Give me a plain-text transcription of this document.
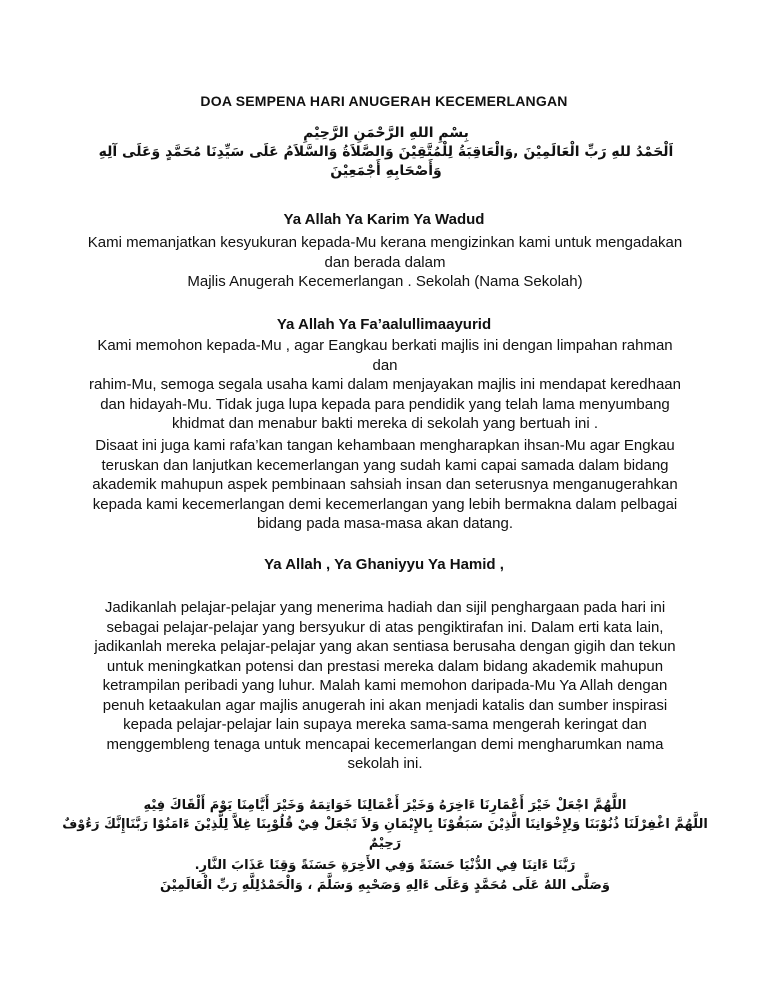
DOA SEMPENA HARI ANUGERAH KECEMERLANGAN
بِسْمِ اللهِ الرَّحْمَنِ الرَّحِيْمِ
اَلْحَمْدُ للهِ رَبِّ الْعَالَمِيْنَ ,وَالْعَاقِبَةُ لِلْمُتَّقِيْنَ وَالصَّلاَةُ وَالسَّلاَمُ عَلَى سَيِّدِنَا مُحَمَّدٍ وَعَلَى آلِهِ
وَأَصْحَابِهِ أَجْمَعِيْنَ
Ya Allah Ya Karim Ya Wadud
Kami memanjatkan kesyukuran kepada-Mu kerana mengizinkan kami untuk mengadakan
dan berada dalam
Majlis Anugerah Kecemerlangan . Sekolah (Nama Sekolah)
Ya Allah Ya Fa’aalullimaayurid
Kami memohon kepada-Mu , agar Eangkau berkati majlis ini dengan limpahan rahman dan
rahim-Mu, semoga segala usaha kami dalam menjayakan majlis ini mendapat keredhaan
dan hidayah-Mu. Tidak juga lupa kepada para pendidik yang telah lama menyumbang
khidmat dan menabur bakti mereka di sekolah yang bertuah ini .
Disaat ini juga kami rafa’kan tangan kehambaan mengharapkan ihsan-Mu agar Engkau
teruskan dan lanjutkan kecemerlangan yang sudah kami capai samada dalam bidang
akademik mahupun aspek pembinaan sahsiah insan dan seterusnya menganugerahkan
kepada kami kecemerlangan demi kecemerlangan yang lebih bermakna dalam pelbagai
bidang pada masa-masa akan datang.
Ya Allah , Ya Ghaniyyu Ya Hamid ,
Jadikanlah pelajar-pelajar yang menerima hadiah dan sijil penghargaan pada hari ini
sebagai pelajar-pelajar yang bersyukur di atas pengiktirafan ini. Dalam erti kata lain,
jadikanlah mereka pelajar-pelajar yang akan sentiasa berusaha dengan gigih dan tekun
untuk meningkatkan potensi dan prestasi mereka dalam bidang akademik mahupun
ketrampilan peribadi yang luhur. Malah kami memohon daripada-Mu Ya Allah dengan
penuh ketaakulan agar majlis anugerah ini akan menjadi katalis dan sumber inspirasi
kepada pelajar-pelajar lain supaya mereka sama-sama mengerah keringat dan
menggembleng tenaga untuk mencapai kecemerlangan demi mengharumkan nama
sekolah ini.
اللَّهُمَّ اجْعَلْ خَيْرَ أَعْمَارِنَا ءَاخِرَهُ وَخَيْرَ أَعْمَالِنَا خَوَاتِمَهُ وَخَيْرَ أَيَّامِنَا يَوْمَ أَلْقَاكَ فِيْهِ
اللَّهُمَّ اغْفِرْلَنَا ذُنُوْبَنَا وَلِإِخْوَانِنَا الَّذِيْنَ سَبَقُوْنَا بِالإِيْمَانِ وَلاَ تَجْعَلْ فِيْ قُلُوْبِنَا غِلاَّ لِلَّذِيْنَ ءَامَنُوْا رَبَّنَاإِنَّكَ رَءُوْفٌ
رَحِيْمٌ
رَبَّنَا ءَاتِنَا فِي الدُّنْيَا حَسَنَةً وَفِي الأَخِرَةِ حَسَنَةً وَقِنَا عَذَابَ النَّارِ.
وَصَلَّى اللهُ عَلَى مُحَمَّدٍ وَعَلَى ءَالِهِ وَصَحْبِهِ وَسَلَّمَ ، وَالْحَمْدُلِلَّهِ رَبِّ الْعَالَمِيْنَ
